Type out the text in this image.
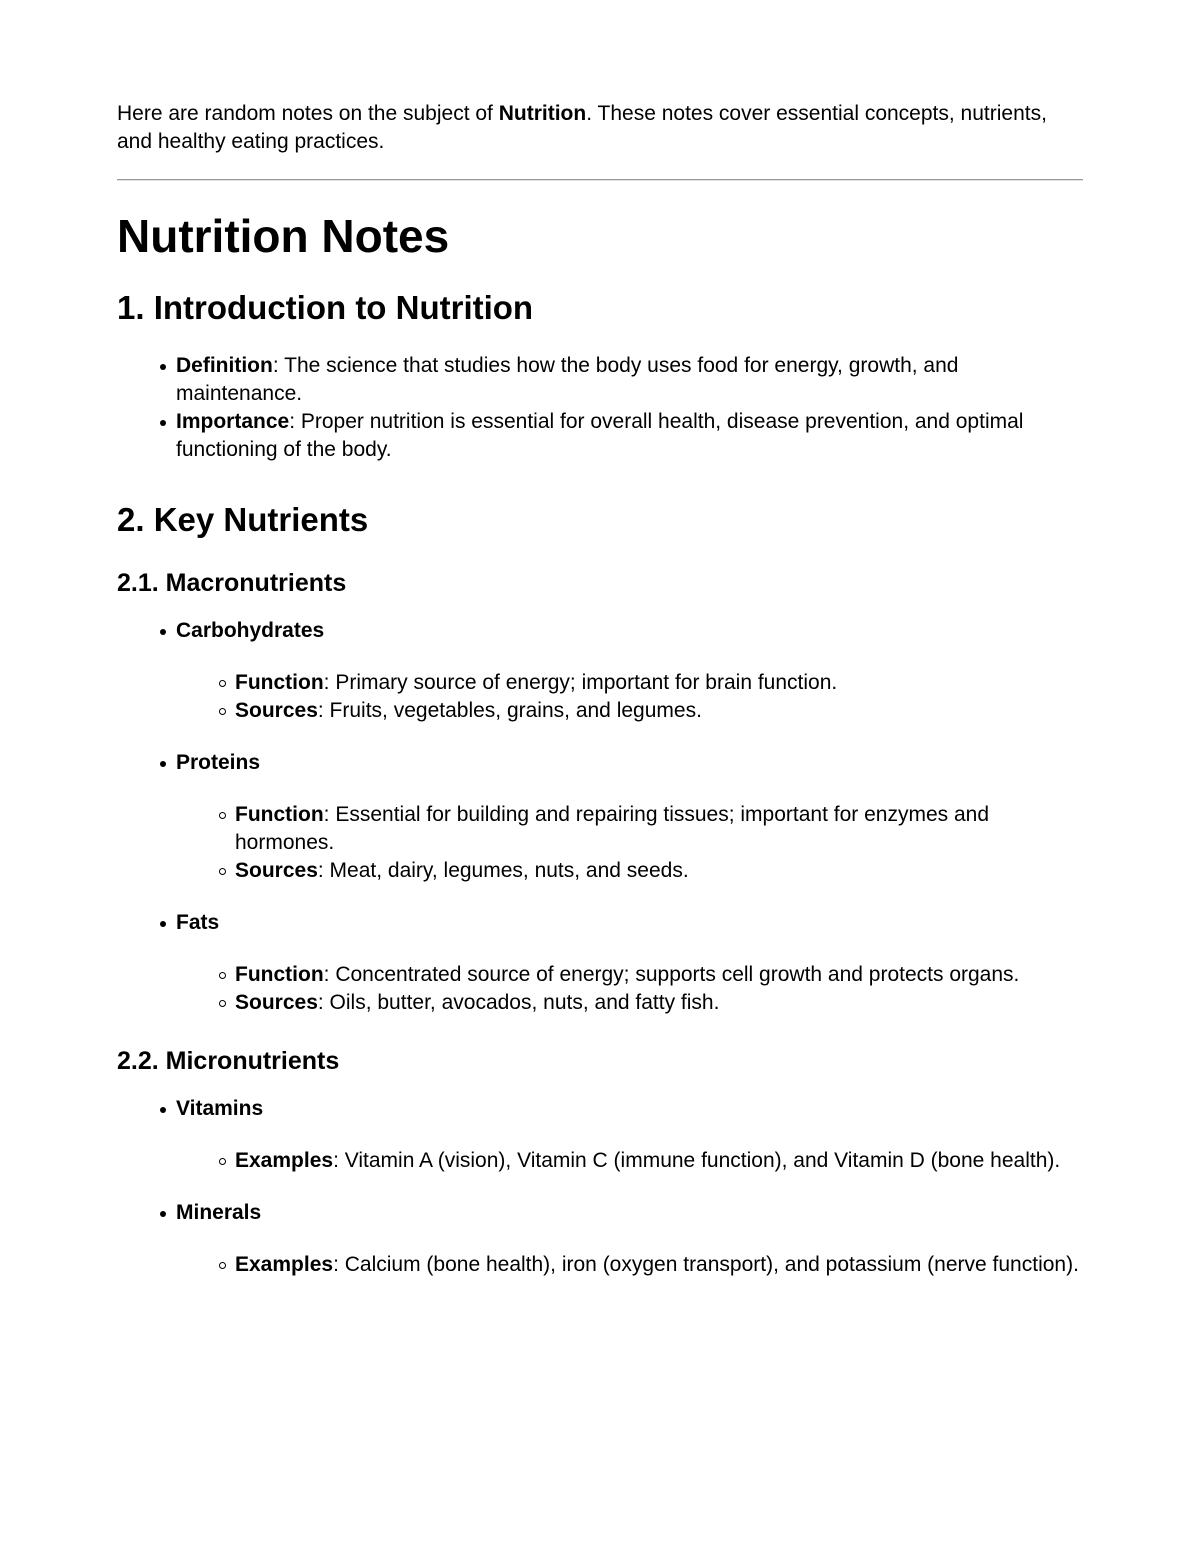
Here are random notes on the subject of Nutrition. These notes cover essential concepts, nutrients, and healthy eating practices.

Nutrition Notes
1. Introduction to Nutrition
Definition: The science that studies how the body uses food for energy, growth, and maintenance.
Importance: Proper nutrition is essential for overall health, disease prevention, and optimal functioning of the body.
2. Key Nutrients
2.1. Macronutrients
Carbohydrates
Function: Primary source of energy; important for brain function.
Sources: Fruits, vegetables, grains, and legumes.
Proteins
Function: Essential for building and repairing tissues; important for enzymes and hormones.
Sources: Meat, dairy, legumes, nuts, and seeds.
Fats
Function: Concentrated source of energy; supports cell growth and protects organs.
Sources: Oils, butter, avocados, nuts, and fatty fish.
2.2. Micronutrients
Vitamins
Examples: Vitamin A (vision), Vitamin C (immune function), and Vitamin D (bone health).
Minerals
Examples: Calcium (bone health), iron (oxygen transport), and potassium (nerve function).
